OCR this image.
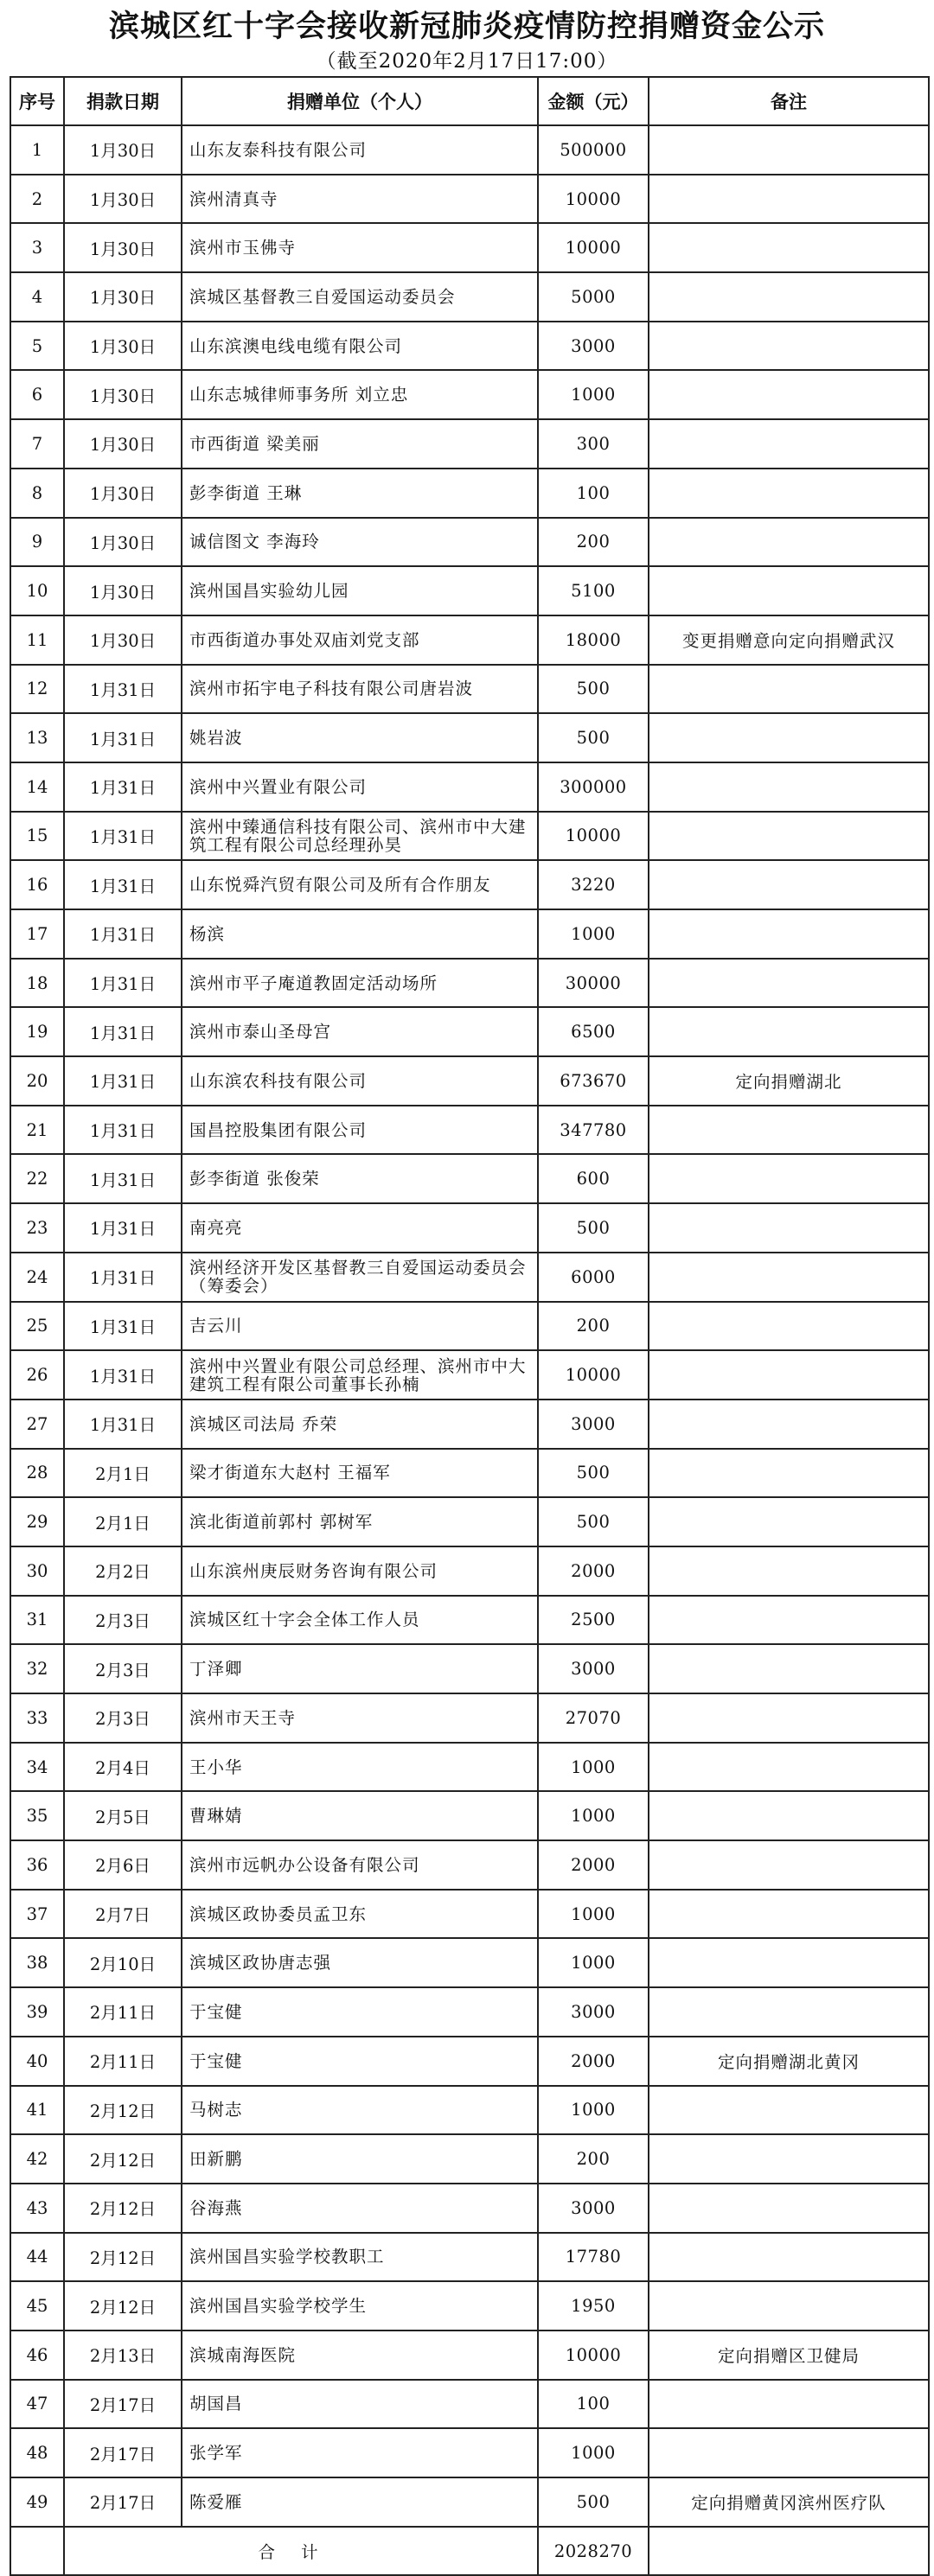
滨城区红十字会接收新冠肺炎疫情防控捐赠资金公示
（截至2020年2月17日17:00）
序号	捐款日期	捐赠单位（个人）	金额（元）	备注
1	1月30日	山东友泰科技有限公司	500000	
2	1月30日	滨州清真寺	10000	
3	1月30日	滨州市玉佛寺	10000	
4	1月30日	滨城区基督教三自爱国运动委员会	5000	
5	1月30日	山东滨澳电线电缆有限公司	3000	
6	1月30日	山东志城律师事务所 刘立忠	1000	
7	1月30日	市西街道 梁美丽	300	
8	1月30日	彭李街道 王琳	100	
9	1月30日	诚信图文 李海玲	200	
10	1月30日	滨州国昌实验幼儿园	5100	
11	1月30日	市西街道办事处双庙刘党支部	18000	变更捐赠意向定向捐赠武汉
12	1月31日	滨州市拓宇电子科技有限公司唐岩波	500	
13	1月31日	姚岩波	500	
14	1月31日	滨州中兴置业有限公司	300000	
15	1月31日	滨州中臻通信科技有限公司、滨州市中大建筑工程有限公司总经理孙昊	10000	
16	1月31日	山东悦舜汽贸有限公司及所有合作朋友	3220	
17	1月31日	杨滨	1000	
18	1月31日	滨州市平子庵道教固定活动场所	30000	
19	1月31日	滨州市泰山圣母宫	6500	
20	1月31日	山东滨农科技有限公司	673670	定向捐赠湖北
21	1月31日	国昌控股集团有限公司	347780	
22	1月31日	彭李街道 张俊荣	600	
23	1月31日	南亮亮	500	
24	1月31日	滨州经济开发区基督教三自爱国运动委员会（筹委会）	6000	
25	1月31日	吉云川	200	
26	1月31日	滨州中兴置业有限公司总经理、滨州市中大建筑工程有限公司董事长孙楠	10000	
27	1月31日	滨城区司法局 乔荣	3000	
28	2月1日	梁才街道东大赵村 王福军	500	
29	2月1日	滨北街道前郭村 郭树军	500	
30	2月2日	山东滨州庚辰财务咨询有限公司	2000	
31	2月3日	滨城区红十字会全体工作人员	2500	
32	2月3日	丁泽卿	3000	
33	2月3日	滨州市天王寺	27070	
34	2月4日	王小华	1000	
35	2月5日	曹琳婧	1000	
36	2月6日	滨州市远帆办公设备有限公司	2000	
37	2月7日	滨城区政协委员孟卫东	1000	
38	2月10日	滨城区政协唐志强	1000	
39	2月11日	于宝健	3000	
40	2月11日	于宝健	2000	定向捐赠湖北黄冈
41	2月12日	马树志	1000	
42	2月12日	田新鹏	200	
43	2月12日	谷海燕	3000	
44	2月12日	滨州国昌实验学校教职工	17780	
45	2月12日	滨州国昌实验学校学生	1950	
46	2月13日	滨城南海医院	10000	定向捐赠区卫健局
47	2月17日	胡国昌	100	
48	2月17日	张学军	1000	
49	2月17日	陈爱雁	500	定向捐赠黄冈滨州医疗队
	合计		2028270	
